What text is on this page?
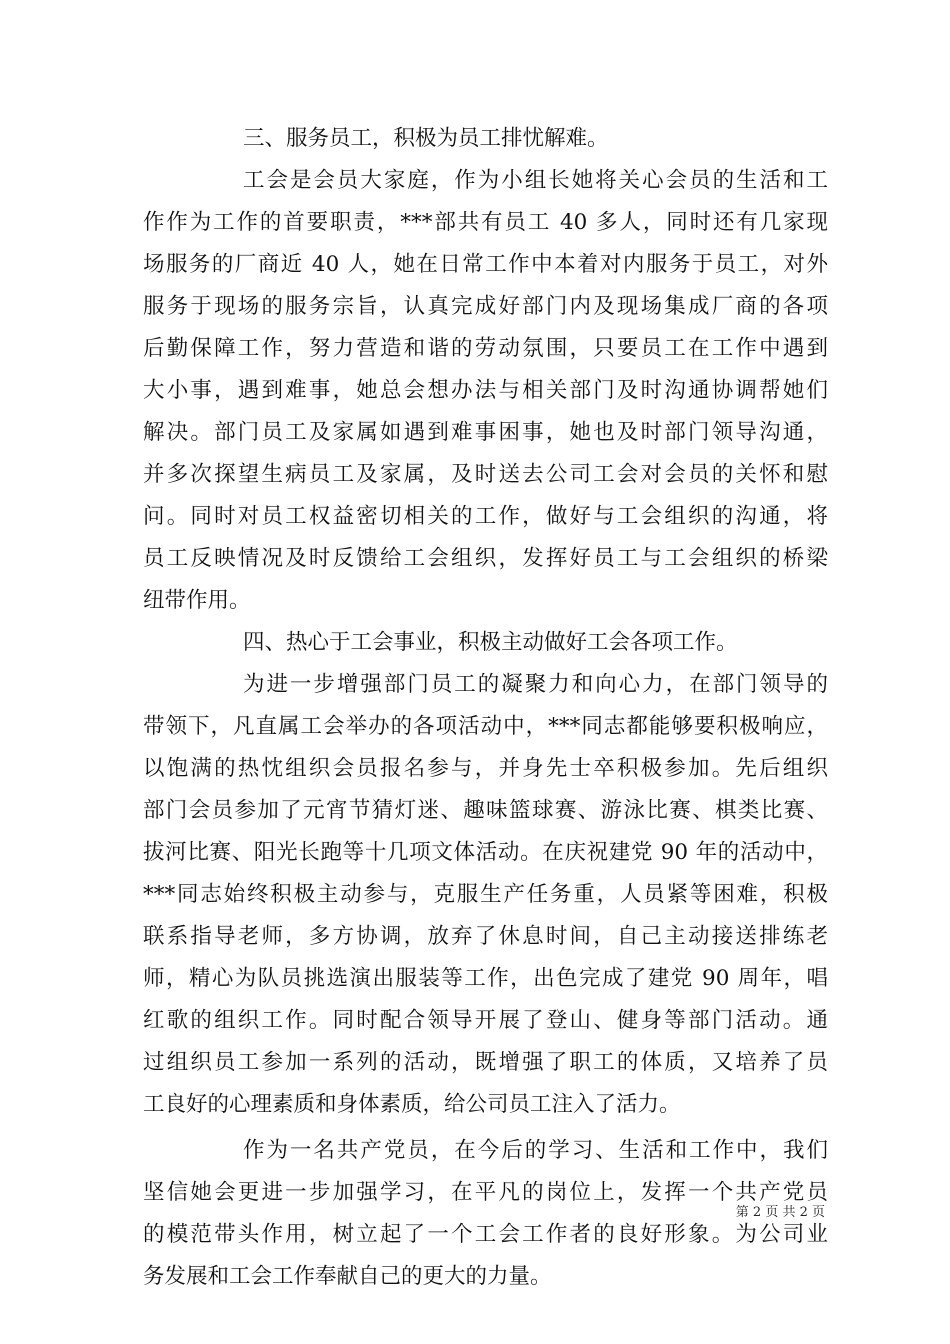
三、服务员工，积极为员工排忧解难。
工会是会员大家庭，作为小组长她将关心会员的生活和工
作作为工作的首要职责，***部共有员工 40 多人，同时还有几家现
场服务的厂商近 40 人，她在日常工作中本着对内服务于员工，对外
服务于现场的服务宗旨，认真完成好部门内及现场集成厂商的各项
后勤保障工作，努力营造和谐的劳动氛围，只要员工在工作中遇到
大小事，遇到难事，她总会想办法与相关部门及时沟通协调帮她们
解决。部门员工及家属如遇到难事困事，她也及时部门领导沟通，
并多次探望生病员工及家属，及时送去公司工会对会员的关怀和慰
问。同时对员工权益密切相关的工作，做好与工会组织的沟通，将
员工反映情况及时反馈给工会组织，发挥好员工与工会组织的桥梁
纽带作用。
四、热心于工会事业，积极主动做好工会各项工作。
为进一步增强部门员工的凝聚力和向心力，在部门领导的
带领下，凡直属工会举办的各项活动中，***同志都能够要积极响应，
以饱满的热忱组织会员报名参与，并身先士卒积极参加。先后组织
部门会员参加了元宵节猜灯迷、趣味篮球赛、游泳比赛、棋类比赛、
拔河比赛、阳光长跑等十几项文体活动。在庆祝建党 90 年的活动中，
***同志始终积极主动参与，克服生产任务重，人员紧等困难，积极
联系指导老师，多方协调，放弃了休息时间，自己主动接送排练老
师，精心为队员挑选演出服装等工作，出色完成了建党 90 周年，唱
红歌的组织工作。同时配合领导开展了登山、健身等部门活动。通
过组织员工参加一系列的活动，既增强了职工的体质，又培养了员
工良好的心理素质和身体素质，给公司员工注入了活力。
作为一名共产党员，在今后的学习、生活和工作中，我们
坚信她会更进一步加强学习，在平凡的岗位上，发挥一个共产党员
的模范带头作用，树立起了一个工会工作者的良好形象。为公司业
务发展和工会工作奉献自己的更大的力量。
第 2 页 共 2 页
